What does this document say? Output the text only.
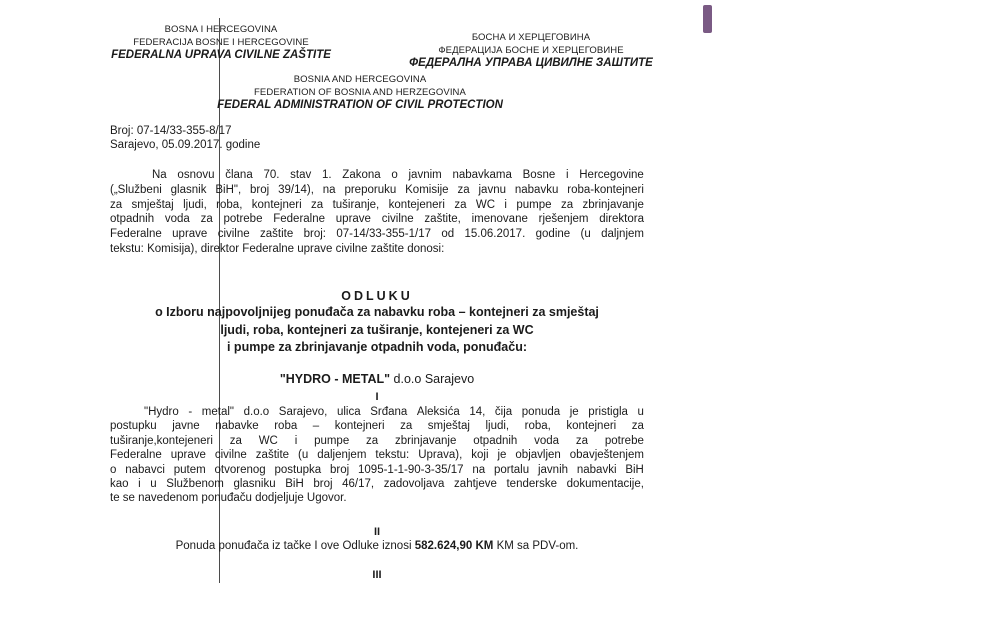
BOSNA I HERCEGOVINA
FEDERACIJA BOSNE I HERCEGOVINE
FEDERALNA UPRAVA CIVILNE ZAŠTITE
БОСНА И ХЕРЦЕГОВИНА
ФЕДЕРАЦИЈА БОСНЕ И ХЕРЦЕГОВИНЕ
ФЕДЕРАЛНА УПРАВА ЦИВИЛНЕ ЗАШТИТЕ
BOSNIA AND HERCEGOVINA
FEDERATION OF BOSNIA AND HERZEGOVINA
FEDERAL ADMINISTRATION OF CIVIL PROTECTION
Broj: 07-14/33-355-8/17
Sarajevo, 05.09.2017. godine
Na osnovu člana 70. stav 1. Zakona o javnim nabavkama Bosne i Hercegovine
(„Službeni glasnik BiH", broj 39/14), na preporuku Komisije za javnu nabavku roba-kontejneri
za smještaj ljudi, roba, kontejneri za tuširanje, kontejeneri za WC i pumpe za zbrinjavanje
otpadnih voda za potrebe Federalne uprave civilne zaštite, imenovane rješenjem direktora
Federalne uprave civilne zaštite broj: 07-14/33-355-1/17 od 15.06.2017. godine (u daljnjem
tekstu: Komisija), direktor Federalne uprave civilne zaštite donosi:
ODLUKU
o Izboru najpovoljnijeg ponuđača za nabavku roba – kontejneri za smještaj
ljudi, roba, kontejneri za tuširanje, kontejeneri za WC
i pumpe za zbrinjavanje otpadnih voda, ponuđaču:
"HYDRO - METAL" d.o.o Sarajevo
I
"Hydro - metal" d.o.o Sarajevo, ulica Srđana Aleksića 14, čija ponuda je pristigla u
postupku javne nabavke roba – kontejneri za smještaj ljudi, roba, kontejneri za
tuširanje,kontejeneri za WC i pumpe za zbrinjavanje otpadnih voda za potrebe
Federalne uprave civilne zaštite (u daljenjem tekstu: Uprava), koji je objavljen obavještenjem
o nabavci putem otvorenog postupka broj 1095-1-1-90-3-35/17 na portalu javnih nabavki BiH
kao i u Službenom glasniku BiH broj 46/17, zadovoljava zahtjeve tenderske dokumentacije,
te se navedenom ponuđaču dodjeljuje Ugovor.
II
Ponuda ponuđača iz tačke I ove Odluke iznosi 582.624,90 KM KM sa PDV-om.
III
